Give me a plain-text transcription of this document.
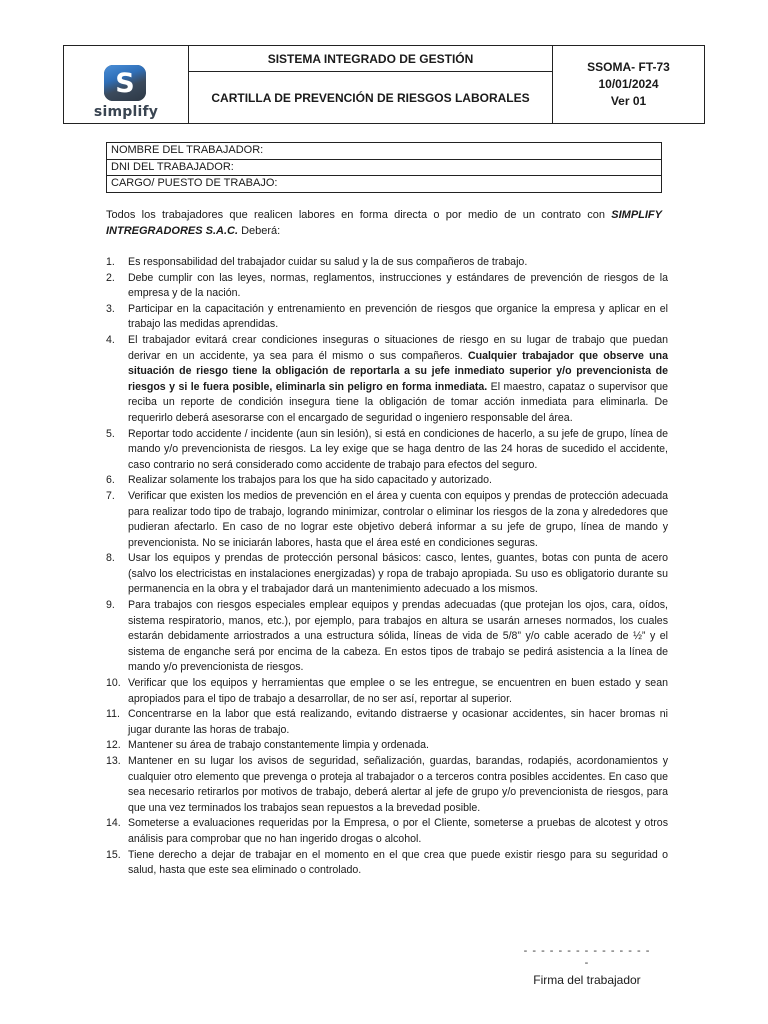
S
simplify
SISTEMA INTEGRADO DE GESTIÓN
CARTILLA DE PREVENCIÓN DE RIESGOS LABORALES
SSOMA- FT-73
10/01/2024
Ver 01
NOMBRE DEL TRABAJADOR:
DNI DEL TRABAJADOR:
CARGO/ PUESTO DE TRABAJO:
Todos los trabajadores que realicen labores en forma directa o por medio de un contrato con SIMPLIFY INTREGRADORES S.A.C. Deberá:
1. Es responsabilidad del trabajador cuidar su salud y la de sus compañeros de trabajo.
2. Debe cumplir con las leyes, normas, reglamentos, instrucciones y estándares de prevención de riesgos de la empresa y de la nación.
3. Participar en la capacitación y entrenamiento en prevención de riesgos que organice la empresa y aplicar en el trabajo las medidas aprendidas.
4. El trabajador evitará crear condiciones inseguras o situaciones de riesgo en su lugar de trabajo que puedan derivar en un accidente, ya sea para él mismo o sus compañeros. Cualquier trabajador que observe una situación de riesgo tiene la obligación de reportarla a su jefe inmediato superior y/o prevencionista de riesgos y si le fuera posible, eliminarla sin peligro en forma inmediata. El maestro, capataz o supervisor que reciba un reporte de condición insegura tiene la obligación de tomar acción inmediata para eliminarla. De requerirlo deberá asesorarse con el encargado de seguridad o ingeniero responsable del área.
5. Reportar todo accidente / incidente (aun sin lesión), si está en condiciones de hacerlo, a su jefe de grupo, línea de mando y/o prevencionista de riesgos. La ley exige que se haga dentro de las 24 horas de sucedido el accidente, caso contrario no será considerado como accidente de trabajo para efectos del seguro.
6. Realizar solamente los trabajos para los que ha sido capacitado y autorizado.
7. Verificar que existen los medios de prevención en el área y cuenta con equipos y prendas de protección adecuada para realizar todo tipo de trabajo, logrando minimizar, controlar o eliminar los riesgos de la zona y alrededores que pudieran afectarlo. En caso de no lograr este objetivo deberá informar a su jefe de grupo, línea de mando y prevencionista. No se iniciarán labores, hasta que el área esté en condiciones seguras.
8. Usar los equipos y prendas de protección personal básicos: casco, lentes, guantes, botas con punta de acero (salvo los electricistas en instalaciones energizadas) y ropa de trabajo apropiada. Su uso es obligatorio durante su permanencia en la obra y el trabajador dará un mantenimiento adecuado a los mismos.
9. Para trabajos con riesgos especiales emplear equipos y prendas adecuadas (que protejan los ojos, cara, oídos, sistema respiratorio, manos, etc.), por ejemplo, para trabajos en altura se usarán arneses normados, los cuales estarán debidamente arriostrados a una estructura sólida, líneas de vida de 5/8” y/o cable acerado de ½” y el sistema de enganche será por encima de la cabeza. En estos tipos de trabajo se pedirá asistencia a la línea de mando y/o prevencionista de riesgos.
10. Verificar que los equipos y herramientas que emplee o se les entregue, se encuentren en buen estado y sean apropiados para el tipo de trabajo a desarrollar, de no ser así, reportar al superior.
11. Concentrarse en la labor que está realizando, evitando distraerse y ocasionar accidentes, sin hacer bromas ni jugar durante las horas de trabajo.
12. Mantener su área de trabajo constantemente limpia y ordenada.
13. Mantener en su lugar los avisos de seguridad, señalización, guardas, barandas, rodapiés, acordonamientos y cualquier otro elemento que prevenga o proteja al trabajador o a terceros contra posibles accidentes. En caso que sea necesario retirarlos por motivos de trabajo, deberá alertar al jefe de grupo y/o prevencionista de riesgos, para que una vez terminados los trabajos sean repuestos a la brevedad posible.
14. Someterse a evaluaciones requeridas por la Empresa, o por el Cliente, someterse a pruebas de alcotest y otros análisis para comprobar que no han ingerido drogas o alcohol.
15. Tiene derecho a dejar de trabajar en el momento en el que crea que puede existir riesgo para su seguridad o salud, hasta que este sea eliminado o controlado.
- - - - - - - - - - - - - - - -
Firma del trabajador
